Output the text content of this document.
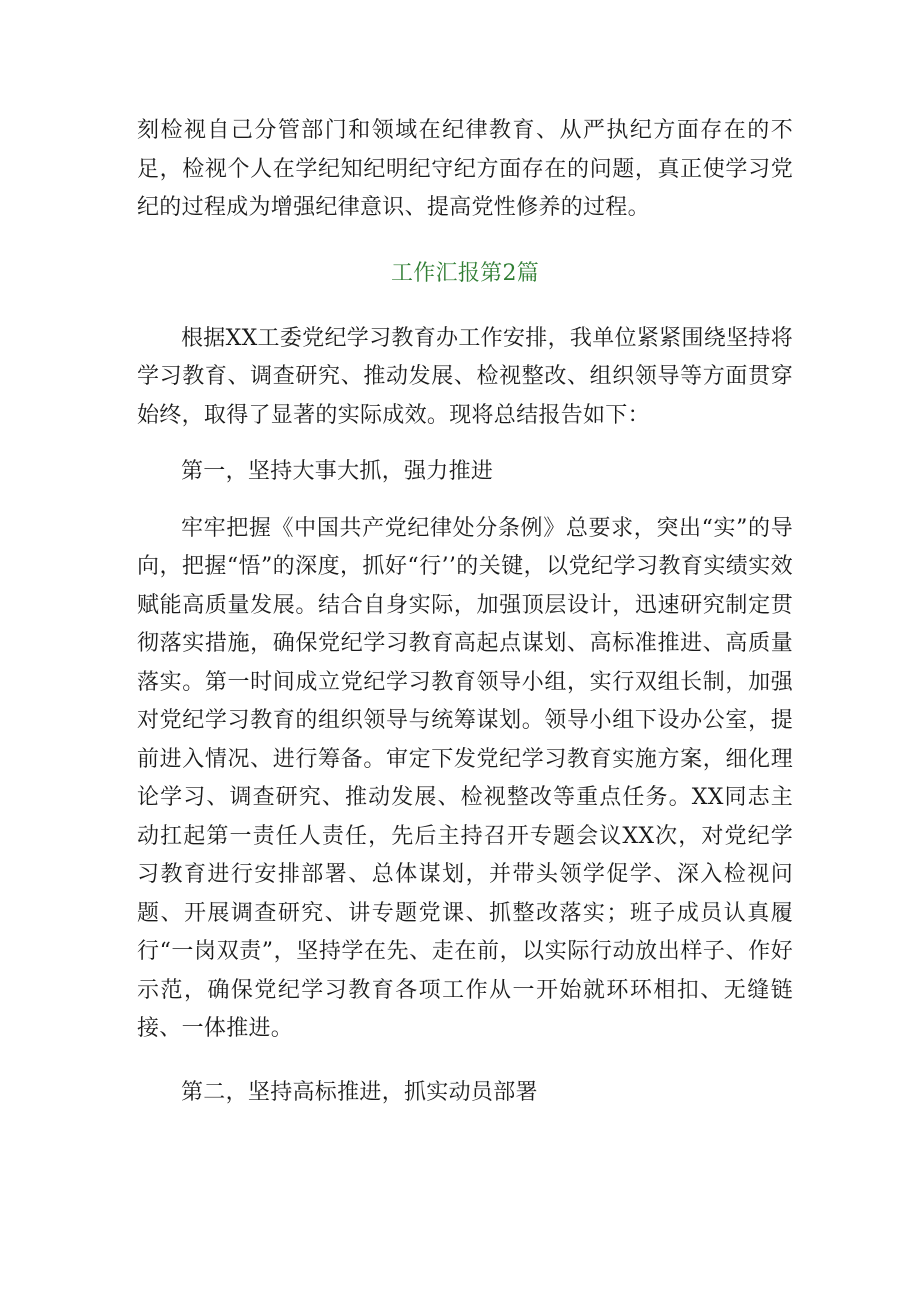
刻检视自己分管部门和领域在纪律教育、从严执纪方面存在的不足，检视个人在学纪知纪明纪守纪方面存在的问题，真正使学习党纪的过程成为增强纪律意识、提高党性修养的过程。

工作汇报第2篇

根据XX工委党纪学习教育办工作安排，我单位紧紧围绕坚持将学习教育、调查研究、推动发展、检视整改、组织领导等方面贯穿始终，取得了显著的实际成效。现将总结报告如下：

第一，坚持大事大抓，强力推进

牢牢把握《中国共产党纪律处分条例》总要求，突出“实”的导向，把握“悟”的深度，抓好“行’’的关键，以党纪学习教育实绩实效赋能高质量发展。结合自身实际，加强顶层设计，迅速研究制定贯彻落实措施，确保党纪学习教育高起点谋划、高标准推进、高质量落实。第一时间成立党纪学习教育领导小组，实行双组长制，加强对党纪学习教育的组织领导与统筹谋划。领导小组下设办公室，提前进入情况、进行筹备。审定下发党纪学习教育实施方案，细化理论学习、调查研究、推动发展、检视整改等重点任务。XX同志主动扛起第一责任人责任，先后主持召开专题会议XX次，对党纪学习教育进行安排部署、总体谋划，并带头领学促学、深入检视问题、开展调查研究、讲专题党课、抓整改落实；班子成员认真履行“一岗双责”，坚持学在先、走在前，以实际行动放出样子、作好示范，确保党纪学习教育各项工作从一开始就环环相扣、无缝链接、一体推进。

第二，坚持高标推进，抓实动员部署
